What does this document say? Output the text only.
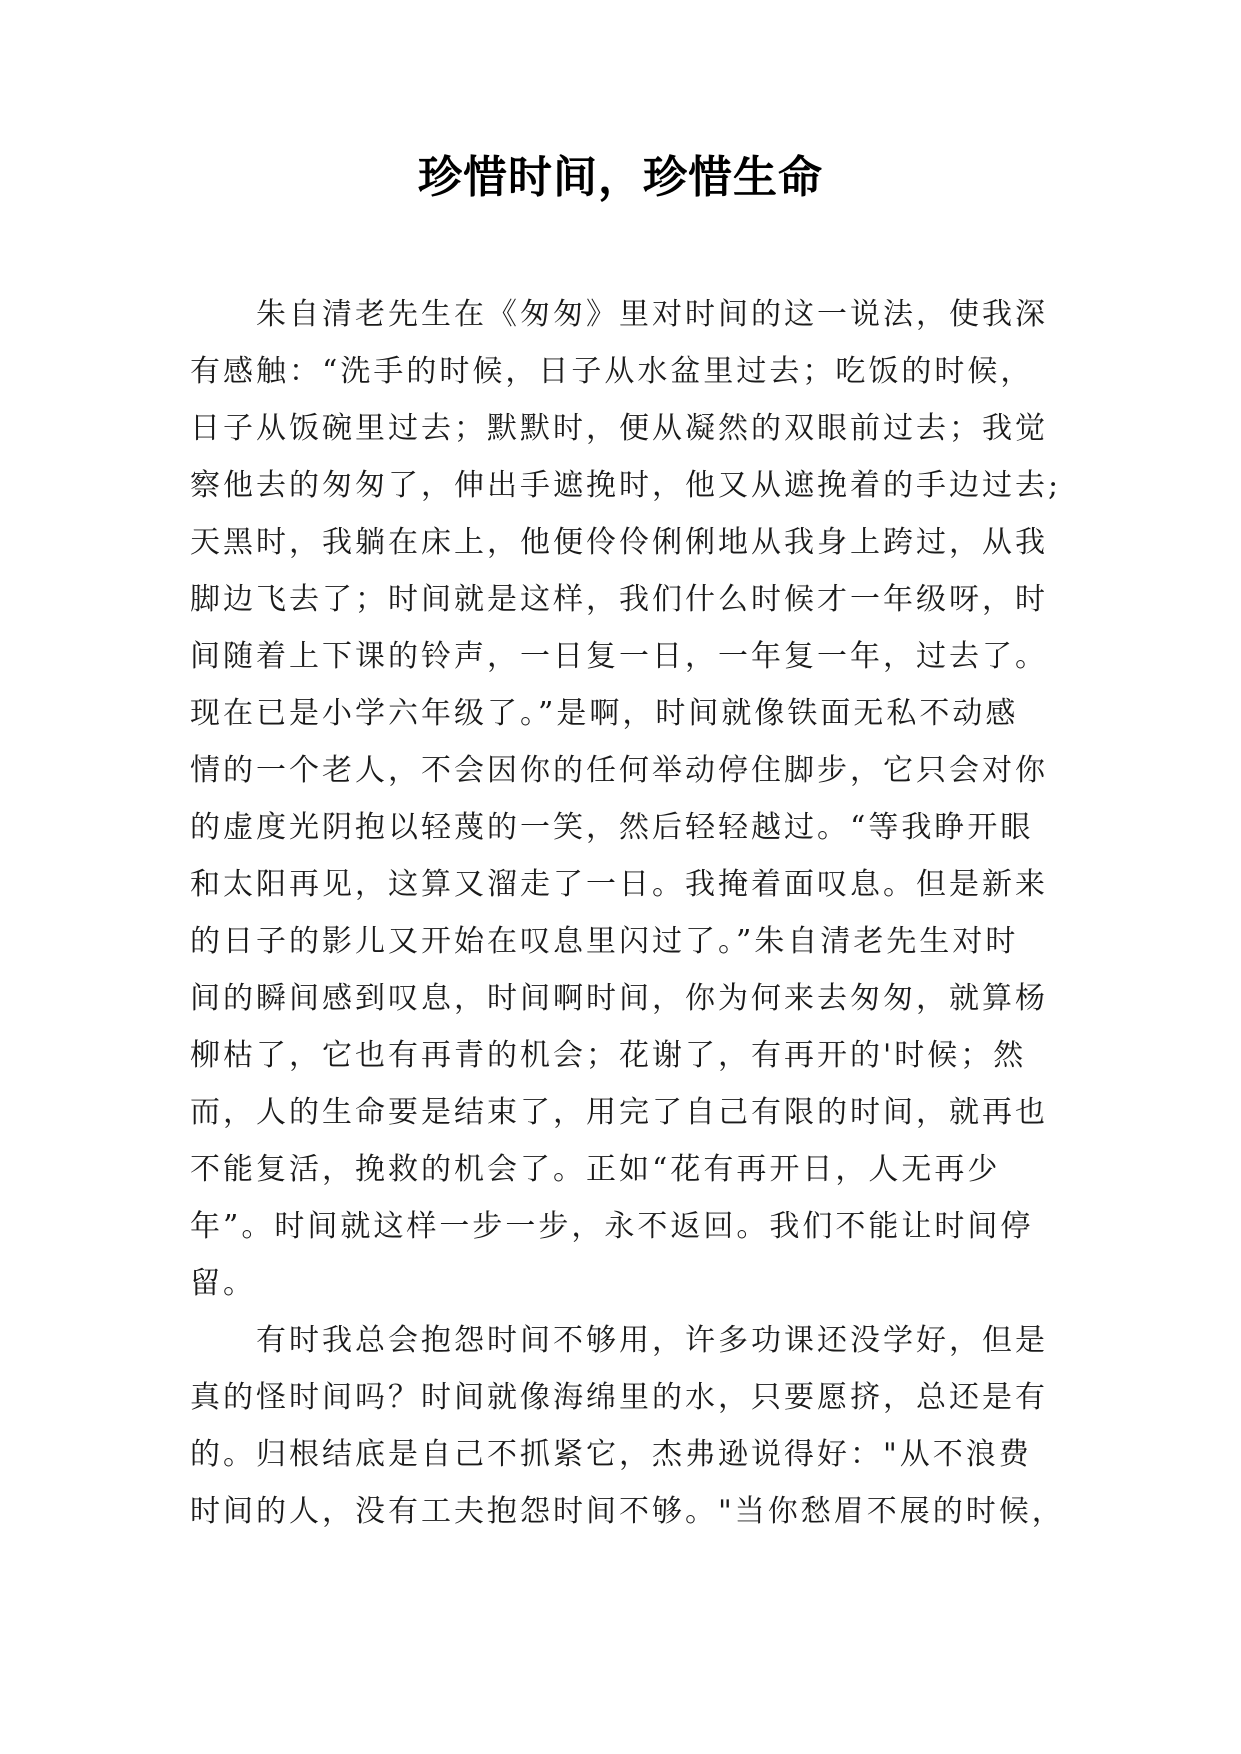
珍惜时间，珍惜生命
　　朱自清老先生在《匆匆》里对时间的这一说法，使我深
有感触：“洗手的时候，日子从水盆里过去；吃饭的时候，
日子从饭碗里过去；默默时，便从凝然的双眼前过去；我觉
察他去的匆匆了，伸出手遮挽时，他又从遮挽着的手边过去;
天黑时，我躺在床上，他便伶伶俐俐地从我身上跨过，从我
脚边飞去了；时间就是这样，我们什么时候才一年级呀，时
间随着上下课的铃声，一日复一日，一年复一年，过去了。
现在已是小学六年级了。”是啊，时间就像铁面无私不动感
情的一个老人，不会因你的任何举动停住脚步，它只会对你
的虚度光阴抱以轻蔑的一笑，然后轻轻越过。“等我睁开眼
和太阳再见，这算又溜走了一日。我掩着面叹息。但是新来
的日子的影儿又开始在叹息里闪过了。”朱自清老先生对时
间的瞬间感到叹息，时间啊时间，你为何来去匆匆，就算杨
柳枯了，它也有再青的机会；花谢了，有再开的'时候；然
而，人的生命要是结束了，用完了自己有限的时间，就再也
不能复活，挽救的机会了。正如“花有再开日，人无再少
年”。时间就这样一步一步，永不返回。我们不能让时间停
留。
　　有时我总会抱怨时间不够用，许多功课还没学好，但是
真的怪时间吗？时间就像海绵里的水，只要愿挤，总还是有
的。归根结底是自己不抓紧它，杰弗逊说得好："从不浪费
时间的人，没有工夫抱怨时间不够。"当你愁眉不展的时候，
